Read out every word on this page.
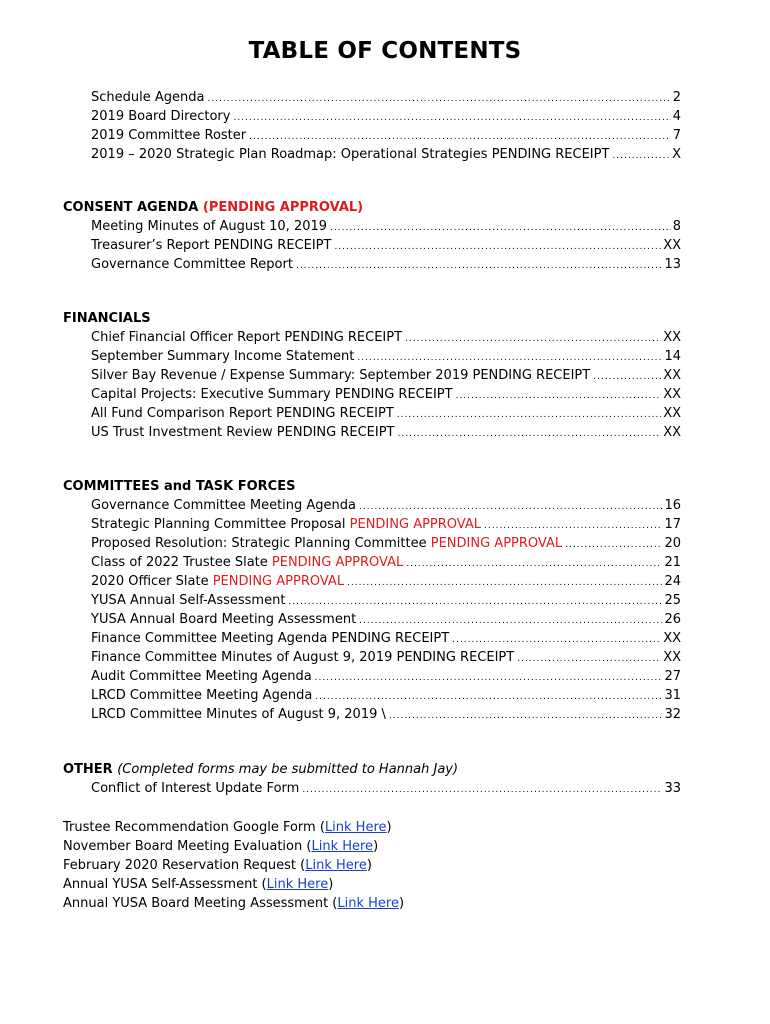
TABLE OF CONTENTS
Schedule Agenda .....	2
2019 Board Directory .....	4
2019 Committee Roster .....	7
2019 – 2020 Strategic Plan Roadmap: Operational Strategies PENDING RECEIPT .....	X
CONSENT AGENDA (PENDING APPROVAL)
Meeting Minutes of August 10, 2019 .....	8
Treasurer’s Report PENDING RECEIPT .....	XX
Governance Committee Report .....	13
FINANCIALS
Chief Financial Officer Report PENDING RECEIPT .....	XX
September Summary Income Statement .....	14
Silver Bay Revenue / Expense Summary: September 2019 PENDING RECEIPT .....	XX
Capital Projects: Executive Summary PENDING RECEIPT .....	XX
All Fund Comparison Report PENDING RECEIPT .....	XX
US Trust Investment Review PENDING RECEIPT .....	XX
COMMITTEES and TASK FORCES
Governance Committee Meeting Agenda .....	16
Strategic Planning Committee Proposal PENDING APPROVAL .....	17
Proposed Resolution: Strategic Planning Committee PENDING APPROVAL .....	20
Class of 2022 Trustee Slate PENDING APPROVAL .....	21
2020 Officer Slate PENDING APPROVAL .....	24
YUSA Annual Self-Assessment .....	25
YUSA Annual Board Meeting Assessment .....	26
Finance Committee Meeting Agenda PENDING RECEIPT .....	XX
Finance Committee Minutes of August 9, 2019 PENDING RECEIPT .....	XX
Audit Committee Meeting Agenda .....	27
LRCD Committee Meeting Agenda .....	31
LRCD Committee Minutes of August 9, 2019 \ .....	32
OTHER (Completed forms may be submitted to Hannah Jay)
Conflict of Interest Update Form .....	33
Trustee Recommendation Google Form (Link Here)
November Board Meeting Evaluation (Link Here)
February 2020 Reservation Request (Link Here)
Annual YUSA Self-Assessment (Link Here)
Annual YUSA Board Meeting Assessment (Link Here)
